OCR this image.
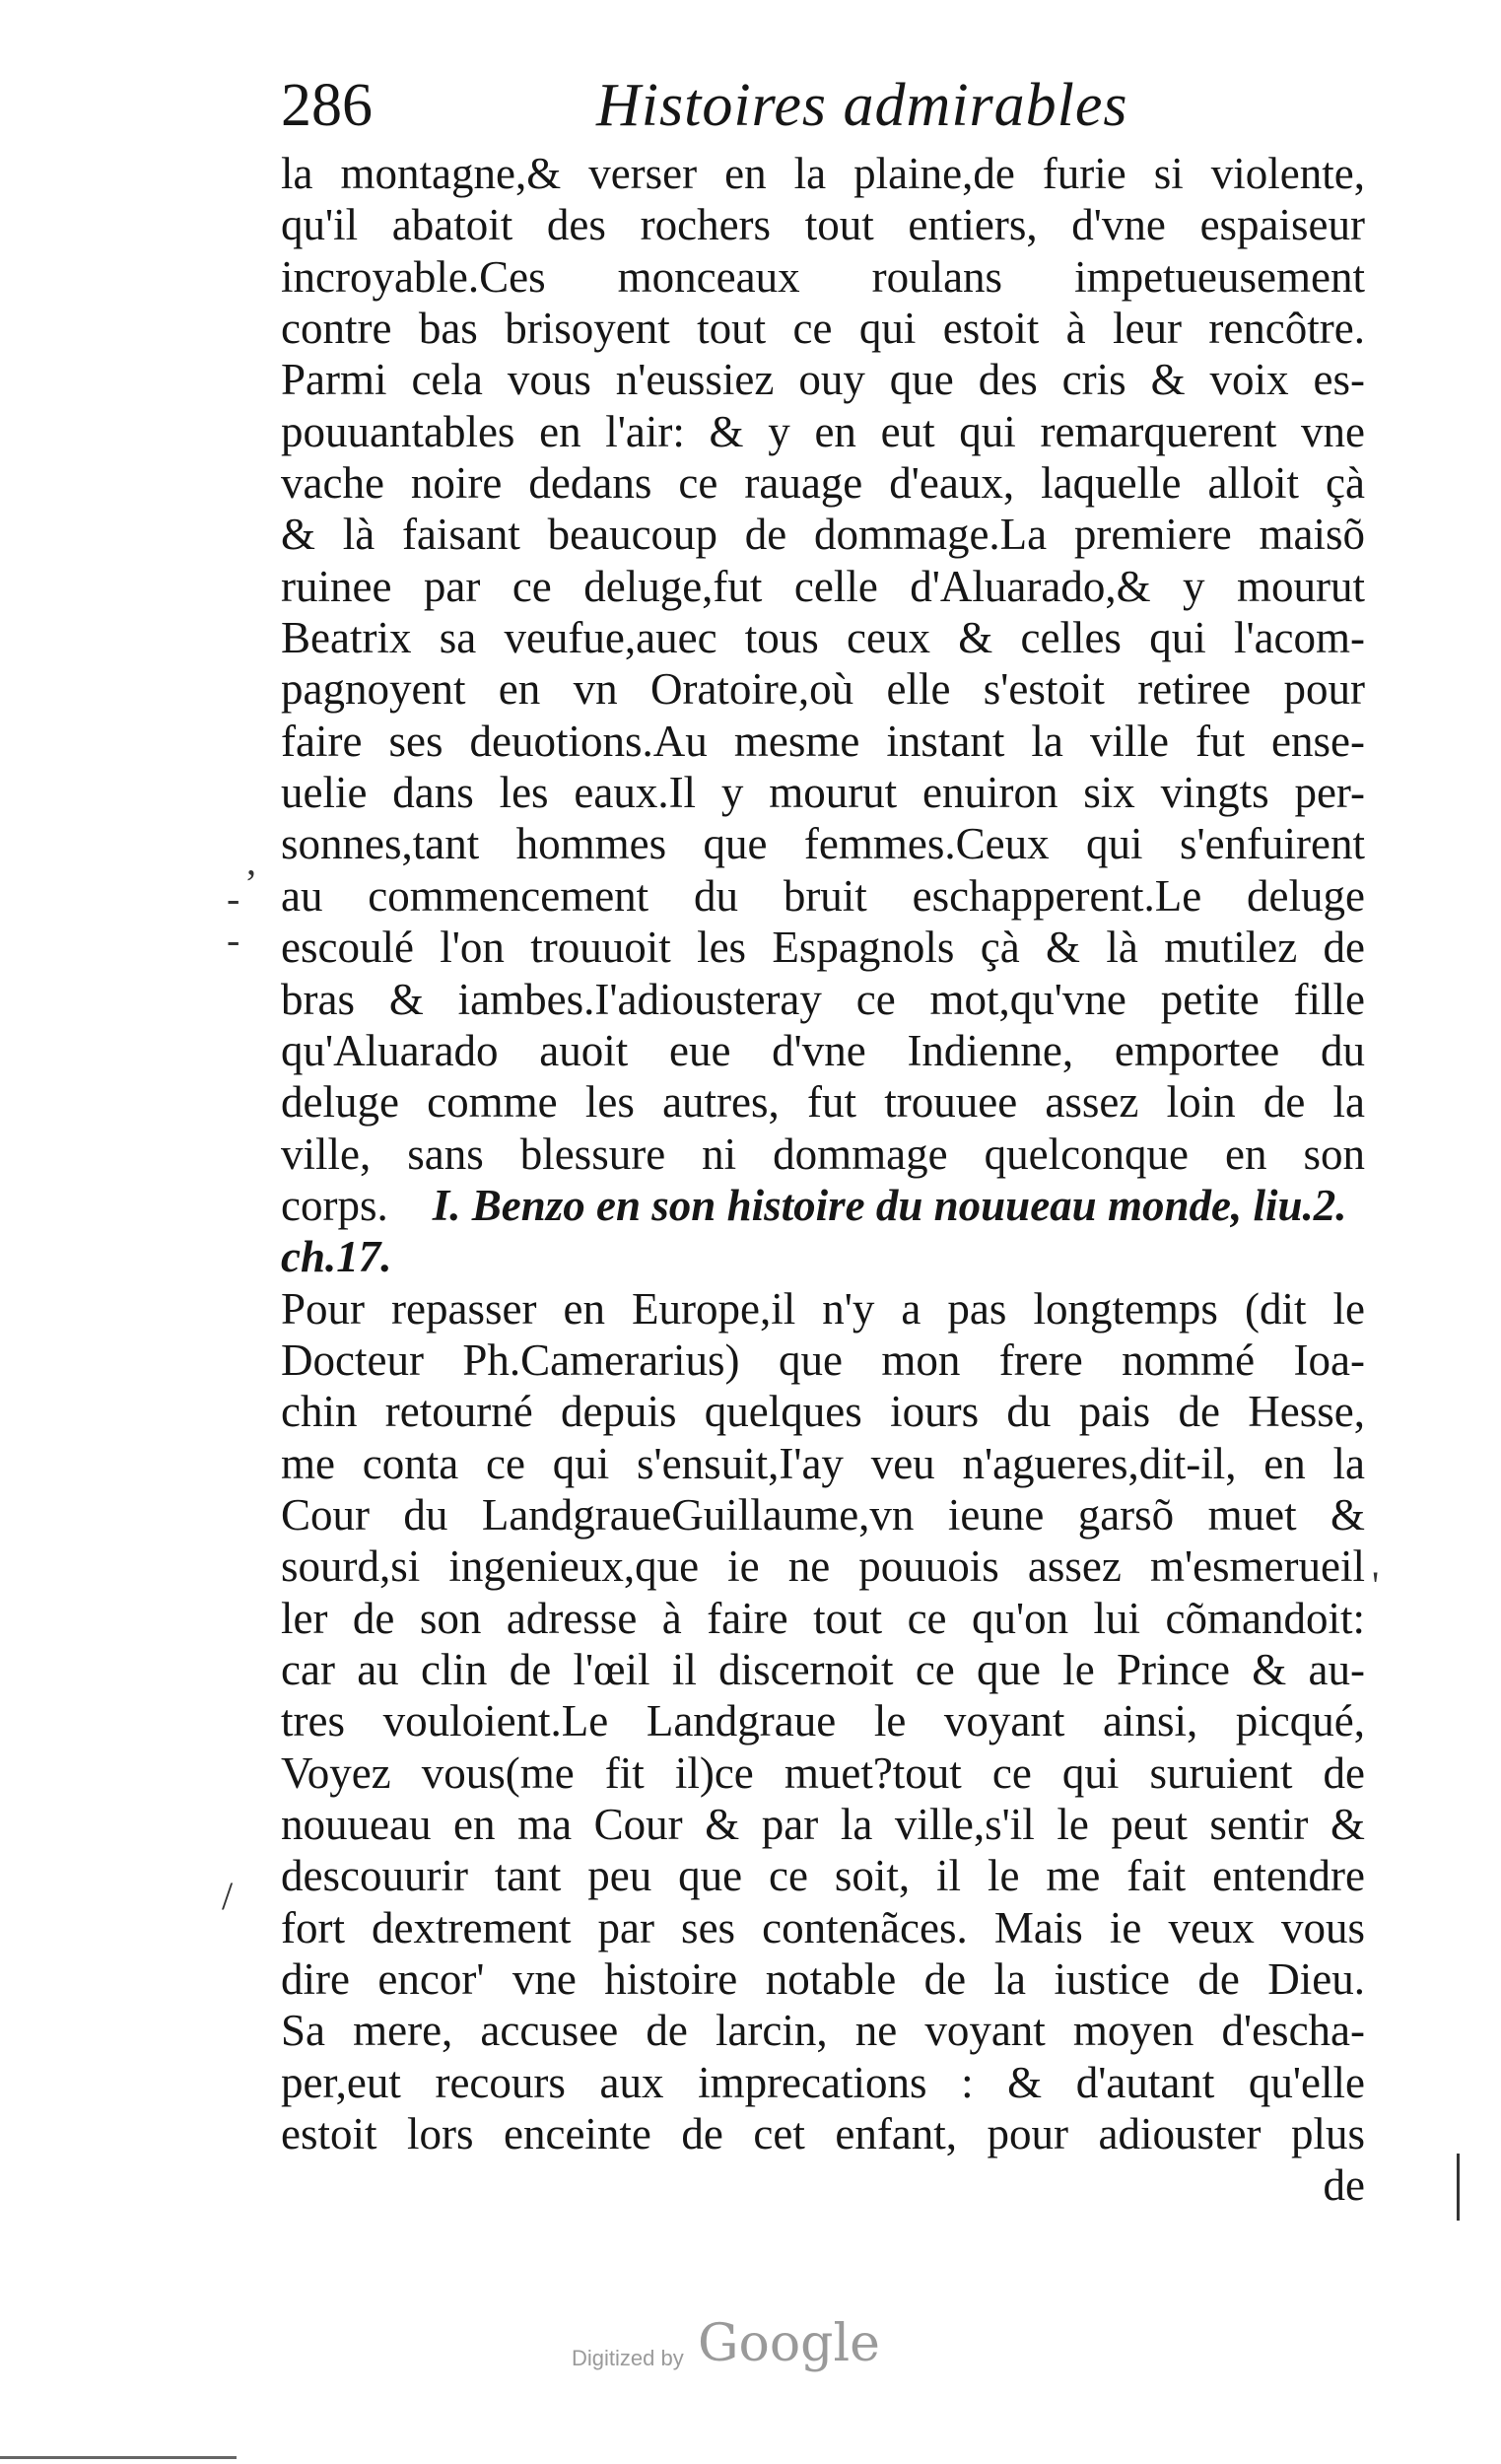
286	Histoires admirables
la montagne,& verser en la plaine,de furie si violente,
qu'il abatoit des rochers tout entiers, d'vne espaiseur
incroyable.Ces monceaux roulans impetueusement
contre bas brisoyent tout ce qui estoit à leur rencôtre.
Parmi cela vous n'eussiez ouy que des cris & voix es-
pouuantables en l'air: & y en eut qui remarquerent vne
vache noire dedans ce rauage d'eaux, laquelle alloit çà
& là faisant beaucoup de dommage.La premiere maisõ
ruinee par ce deluge,fut celle d'Aluarado,& y mourut
Beatrix sa veufue,auec tous ceux & celles qui l'acom-
pagnoyent en vn Oratoire,où elle s'estoit retiree pour
faire ses deuotions.Au mesme instant la ville fut ense-
uelie dans les eaux.Il y mourut enuiron six vingts per-
sonnes,tant hommes que femmes.Ceux qui s'enfuirent
au commencement du bruit eschapperent.Le deluge
escoulé l'on trouuoit les Espagnols çà & là mutilez de
bras & iambes.I'adiousteray ce mot,qu'vne petite fille
qu'Aluarado auoit eue d'vne Indienne, emportee du
deluge comme les autres, fut trouuee assez loin de la
ville, sans blessure ni dommage quelconque en son
corps. I. Benzo en son histoire du nouueau monde, liu.2.
ch.17.
Pour repasser en Europe,il n'y a pas longtemps (dit le
Docteur Ph.Camerarius) que mon frere nommé Ioa-
chin retourné depuis quelques iours du pais de Hesse,
me conta ce qui s'ensuit,I'ay veu n'agueres,dit-il, en la
Cour du LandgraueGuillaume,vn ieune garsõ muet &
sourd,si ingenieux,que ie ne pouuois assez m'esmerueil
ler de son adresse à faire tout ce qu'on lui cõmandoit:
car au clin de l'œil il discernoit ce que le Prince & au-
tres vouloient.Le Landgraue le voyant ainsi, picqué,
Voyez vous(me fit il)ce muet?tout ce qui suruient de
nouueau en ma Cour & par la ville,s'il le peut sentir &
descouurir tant peu que ce soit, il le me fait entendre
fort dextrement par ses contenãces. Mais ie veux vous
dire encor' vne histoire notable de la iustice de Dieu.
Sa mere, accusee de larcin, ne voyant moyen d'escha-
per,eut recours aux imprecations : & d'autant qu'elle
estoit lors enceinte de cet enfant, pour adiouster plus
de
,
-
-
/
'
Digitized by Google
